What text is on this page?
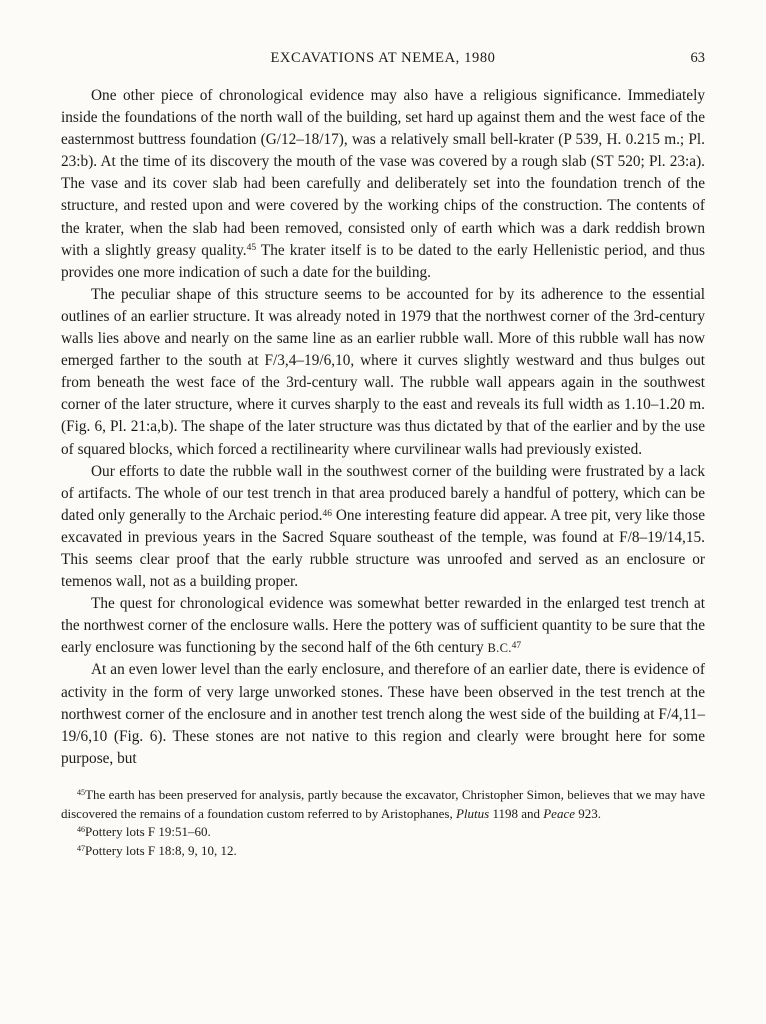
EXCAVATIONS AT NEMEA, 1980	63

One other piece of chronological evidence may also have a religious significance. Immediately inside the foundations of the north wall of the building, set hard up against them and the west face of the easternmost buttress foundation (G/12–18/17), was a relatively small bell-krater (P 539, H. 0.215 m.; Pl. 23:b). At the time of its discovery the mouth of the vase was covered by a rough slab (ST 520; Pl. 23:a). The vase and its cover slab had been carefully and deliberately set into the foundation trench of the structure, and rested upon and were covered by the working chips of the construction. The contents of the krater, when the slab had been removed, consisted only of earth which was a dark reddish brown with a slightly greasy quality.$^{45}$ The krater itself is to be dated to the early Hellenistic period, and thus provides one more indication of such a date for the building.

The peculiar shape of this structure seems to be accounted for by its adherence to the essential outlines of an earlier structure. It was already noted in 1979 that the northwest corner of the 3rd-century walls lies above and nearly on the same line as an earlier rubble wall. More of this rubble wall has now emerged farther to the south at F/3,4–19/6,10, where it curves slightly westward and thus bulges out from beneath the west face of the 3rd-century wall. The rubble wall appears again in the southwest corner of the later structure, where it curves sharply to the east and reveals its full width as 1.10–1.20 m. (Fig. 6, Pl. 21:a,b). The shape of the later structure was thus dictated by that of the earlier and by the use of squared blocks, which forced a rectilinearity where curvilinear walls had previously existed.

Our efforts to date the rubble wall in the southwest corner of the building were frustrated by a lack of artifacts. The whole of our test trench in that area produced barely a handful of pottery, which can be dated only generally to the Archaic period.$^{46}$ One interesting feature did appear. A tree pit, very like those excavated in previous years in the Sacred Square southeast of the temple, was found at F/8–19/14,15. This seems clear proof that the early rubble structure was unroofed and served as an enclosure or temenos wall, not as a building proper.

The quest for chronological evidence was somewhat better rewarded in the enlarged test trench at the northwest corner of the enclosure walls. Here the pottery was of sufficient quantity to be sure that the early enclosure was functioning by the second half of the 6th century B.C.$^{47}$

At an even lower level than the early enclosure, and therefore of an earlier date, there is evidence of activity in the form of very large unworked stones. These have been observed in the test trench at the northwest corner of the enclosure and in another test trench along the west side of the building at F/4,11–19/6,10 (Fig. 6). These stones are not native to this region and clearly were brought here for some purpose, but

$^{45}$The earth has been preserved for analysis, partly because the excavator, Christopher Simon, believes that we may have discovered the remains of a foundation custom referred to by Aristophanes, Plutus 1198 and Peace 923.

$^{46}$Pottery lots F 19:51–60.

$^{47}$Pottery lots F 18:8, 9, 10, 12.
